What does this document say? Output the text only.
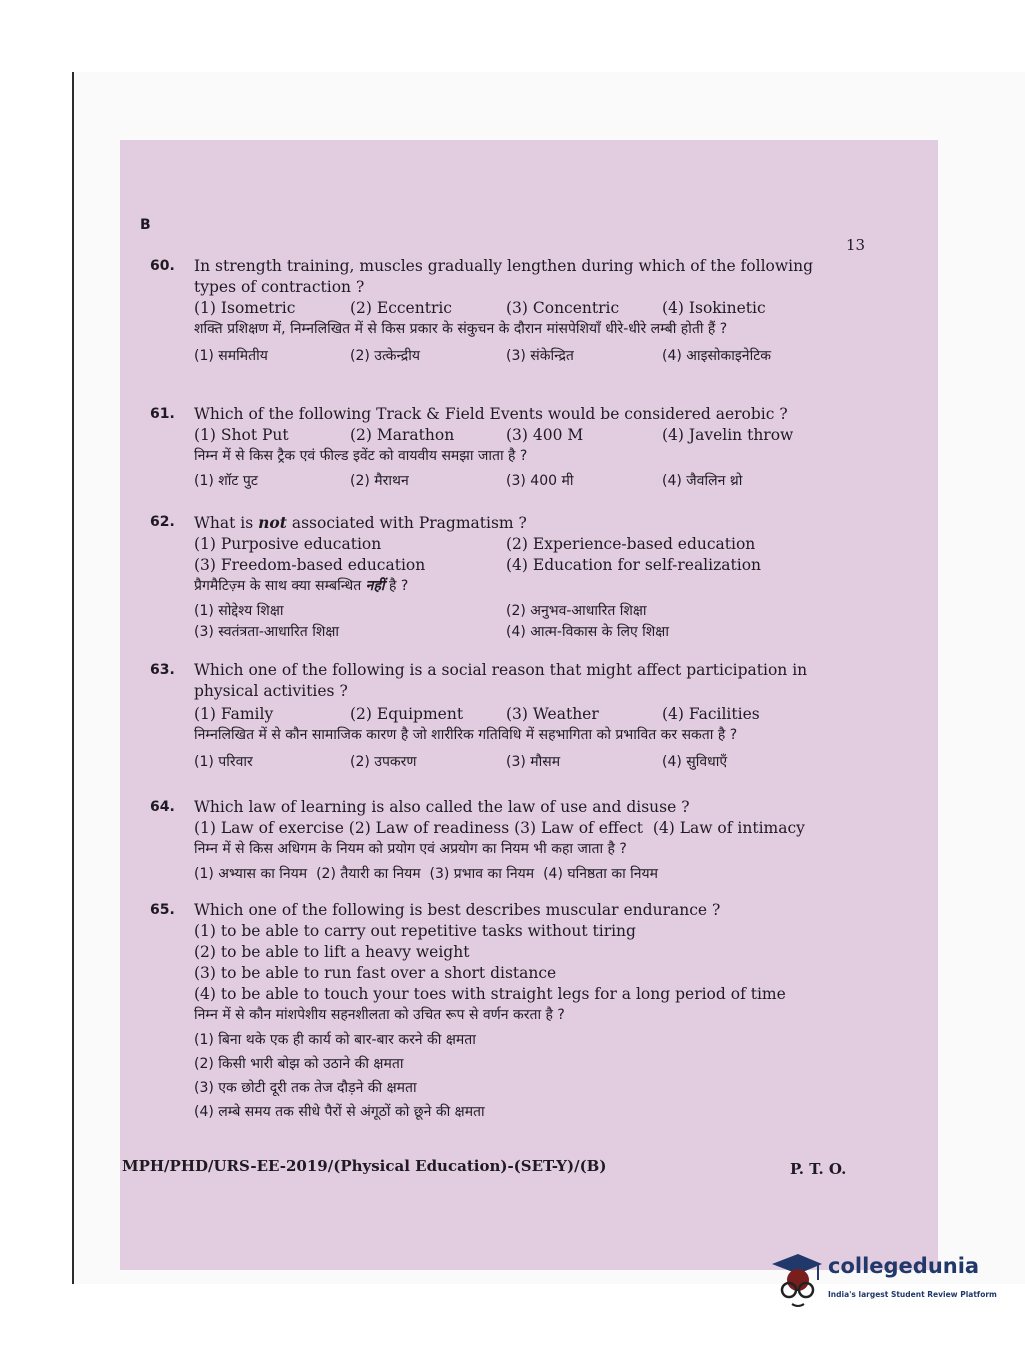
B
13
60. In strength training, muscles gradually lengthen during which of the following types of contraction ?
(1) Isometric	(2) Eccentric	(3) Concentric	(4) Isokinetic
शक्ति प्रशिक्षण में, निम्नलिखित में से किस प्रकार के संकुचन के दौरान मांसपेशियाँ धीरे-धीरे लम्बी होती हैं ?
(1) सममितीय	(2) उत्केन्द्रीय	(3) संकेन्द्रित	(4) आइसोकाइनेटिक
61. Which of the following Track & Field Events would be considered aerobic ?
(1) Shot Put	(2) Marathon	(3) 400 M	(4) Javelin throw
निम्न में से किस ट्रैक एवं फील्ड इवेंट को वायवीय समझा जाता है ?
(1) शॉट पुट	(2) मैराथन	(3) 400 मी	(4) जैवलिन थ्रो
62. What is not associated with Pragmatism ?
(1) Purposive education	(2) Experience-based education
(3) Freedom-based education	(4) Education for self-realization
प्रैगमैटिज़्म के साथ क्या सम्बन्धित नहीं है ?
(1) सोद्देश्य शिक्षा	(2) अनुभव-आधारित शिक्षा
(3) स्वतंत्रता-आधारित शिक्षा	(4) आत्म-विकास के लिए शिक्षा
63. Which one of the following is a social reason that might affect participation in physical activities ?
(1) Family	(2) Equipment	(3) Weather	(4) Facilities
निम्नलिखित में से कौन सामाजिक कारण है जो शारीरिक गतिविधि में सहभागिता को प्रभावित कर सकता है ?
(1) परिवार	(2) उपकरण	(3) मौसम	(4) सुविधाएँ
64. Which law of learning is also called the law of use and disuse ?
(1) Law of exercise (2) Law of readiness (3) Law of effect  (4) Law of intimacy
निम्न में से किस अधिगम के नियम को प्रयोग एवं अप्रयोग का नियम भी कहा जाता है ?
(1) अभ्यास का नियम  (2) तैयारी का नियम  (3) प्रभाव का नियम  (4) घनिष्ठता का नियम
65. Which one of the following is best describes muscular endurance ?
(1) to be able to carry out repetitive tasks without tiring
(2) to be able to lift a heavy weight
(3) to be able to run fast over a short distance
(4) to be able to touch your toes with straight legs for a long period of time
निम्न में से कौन मांशपेशीय सहनशीलता को उचित रूप से वर्णन करता है ?
(1) बिना थके एक ही कार्य को बार-बार करने की क्षमता
(2) किसी भारी बोझ को उठाने की क्षमता
(3) एक छोटी दूरी तक तेज दौड़ने की क्षमता
(4) लम्बे समय तक सीधे पैरों से अंगूठों को छूने की क्षमता
MPH/PHD/URS-EE-2019/(Physical Education)-(SET-Y)/(B)	P. T. O.
collegedunia
India's largest Student Review Platform
